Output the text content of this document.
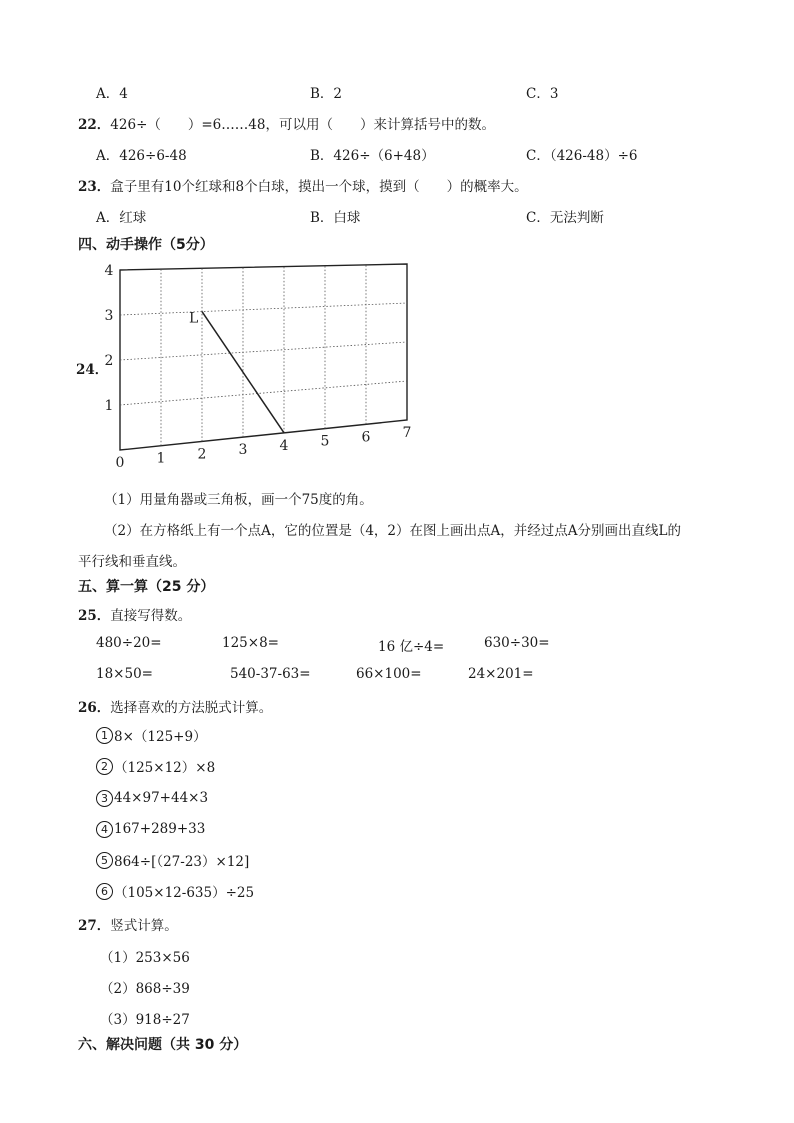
A．4	B．2	C．3
22．426÷（　　）=6……48，可以用（　　）来计算括号中的数。
A．426÷6-48	B．426÷（6+48）	C．（426-48）÷6
23．盒子里有10个红球和8个白球，摸出一个球，摸到（　　）的概率大。
A．红球	B．白球	C．无法判断
四、动手操作（5分）
24．
0 1 2 3 4 5 6 7
1
2
3
4
L
（1）用量角器或三角板，画一个75度的角。
（2）在方格纸上有一个点A，它的位置是（4，2）在图上画出点A，并经过点A分别画出直线L的
平行线和垂直线。
五、算一算（25 分）
25．直接写得数。
480÷20=	125×8=	16 亿÷4=	630÷30=
18×50=	540-37-63=	66×100=	24×201=
26．选择喜欢的方法脱式计算。
1 8×（125+9）
2 （125×12）×8
3 44×97+44×3
4 167+289+33
5 864÷[（27-23）×12]
6 （105×12-635）÷25
27．竖式计算。
（1）253×56
（2）868÷39
（3）918÷27
六、解决问题（共 30 分）
